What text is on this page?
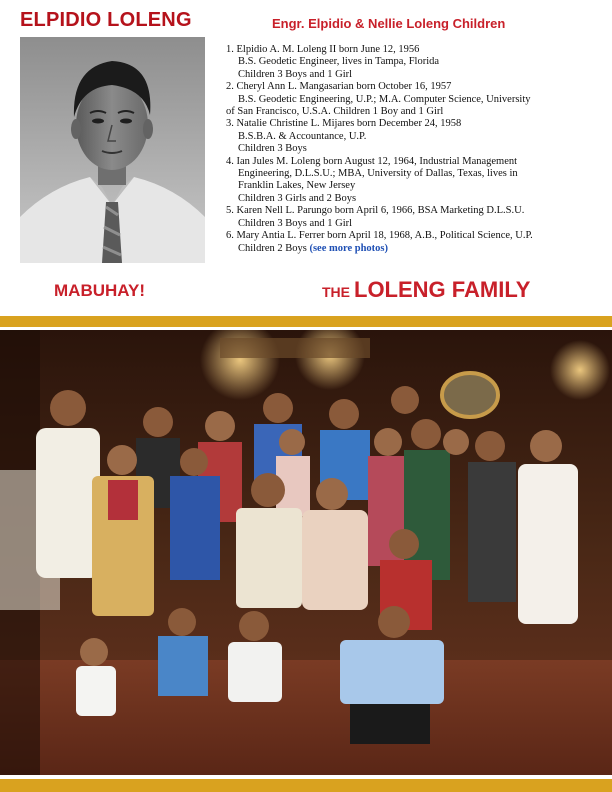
ELPIDIO LOLENG	Engr. Elpidio & Nellie Loleng Children
1. Elpidio A. M. Loleng II born June 12, 1956
B.S. Geodetic Engineer, lives in Tampa, Florida
Children 3 Boys and 1 Girl
2. Cheryl Ann L. Mangasarian born October 16, 1957
B.S. Geodetic Engineering, U.P.; M.A. Computer Science, University
of San Francisco, U.S.A. Children 1 Boy and 1 Girl
3. Natalie Christine L. Mijares born December 24, 1958
B.S.B.A. & Accountance, U.P.
Children 3 Boys
4. Ian Jules M. Loleng born August 12, 1964, Industrial Management
Engineering, D.L.S.U.; MBA, University of Dallas, Texas, lives in
Franklin Lakes, New Jersey
Children 3 Girls and 2 Boys
5. Karen Nell L. Parungo born April 6, 1966, BSA Marketing D.L.S.U.
Children 3 Boys and 1 Girl
6. Mary Antia L. Ferrer born April 18, 1968, A.B., Political Science, U.P.
Children 2 Boys (see more photos)
MABUHAY!	THE LOLENG FAMILY
